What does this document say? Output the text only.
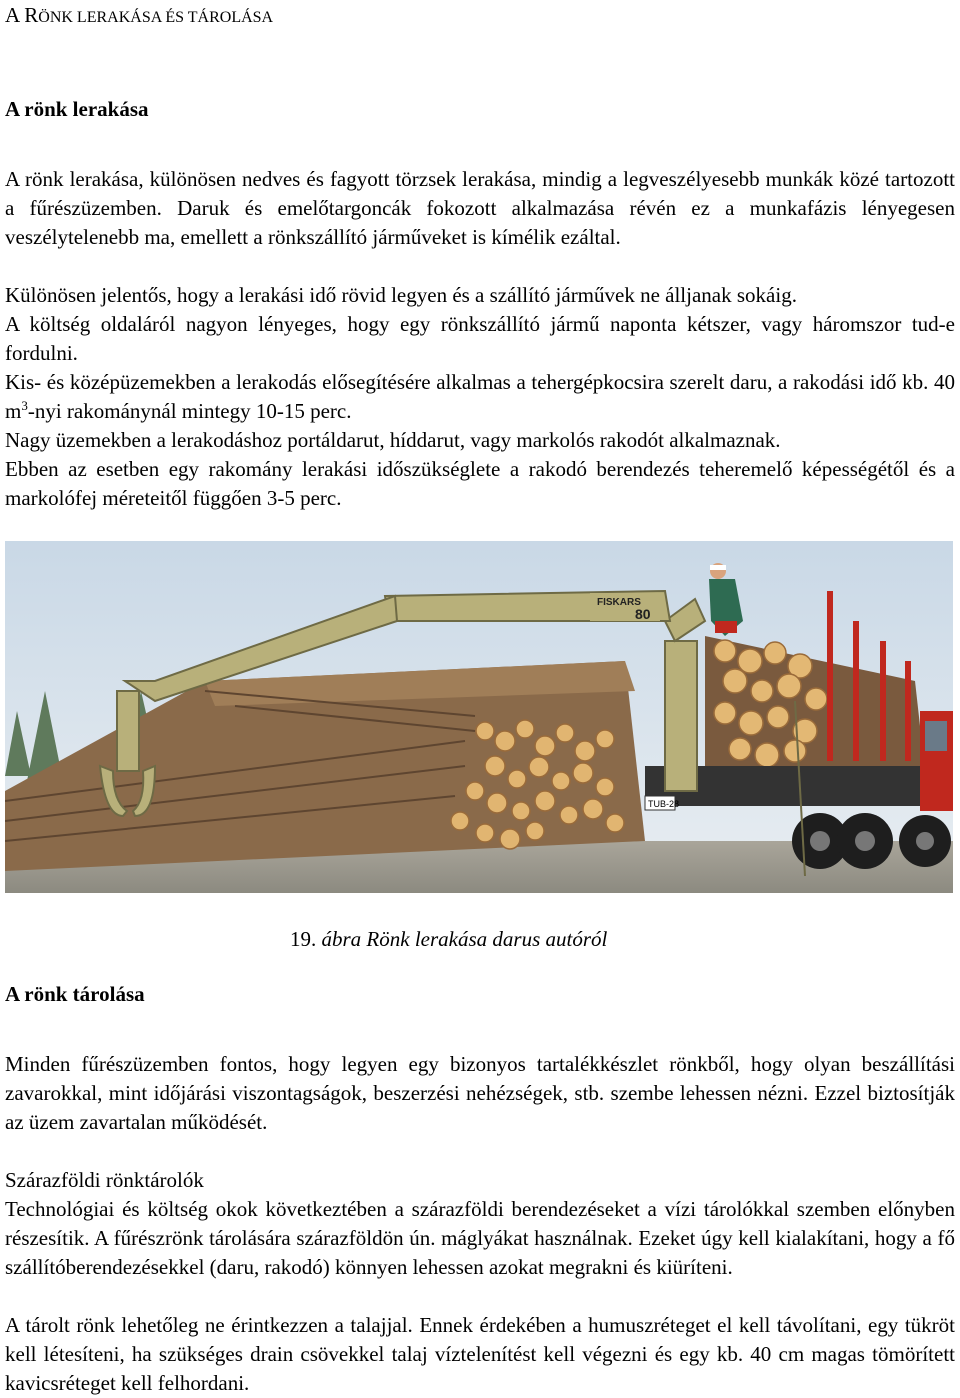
A RÖNK LERAKÁSA ÉS TÁROLÁSA
A rönk lerakása

A rönk lerakása, különösen nedves és fagyott törzsek lerakása, mindig a legveszélyesebb munkák közé tartozott a fűrészüzemben. Daruk és emelőtargoncák fokozott alkalmazása révén ez a munkafázis lényegesen veszélytelenebb ma, emellett a rönkszállító járműveket is kímélik ezáltal.

Különösen jelentős, hogy a lerakási idő rövid legyen és a szállító járművek ne álljanak sokáig.

A költség oldaláról nagyon lényeges, hogy egy rönkszállító jármű naponta kétszer, vagy háromszor tud-e fordulni.

Kis- és középüzemekben a lerakodás elősegítésére alkalmas a tehergépkocsira szerelt daru, a rakodási idő kb. 40 $m^3$-nyi rakománynál mintegy 10-15 perc.

Nagy üzemekben a lerakodáshoz portáldarut, híddarut, vagy markolós rakodót alkalmaznak.

Ebben az esetben egy rakomány lerakási időszükséglete a rakodó berendezés teheremelő képességétől és a markolófej méreteitől függően 3-5 perc.

TUB-28
FISKARS
80
19. ábra Rönk lerakása darus autóról
A rönk tárolása

Minden fűrészüzemben fontos, hogy legyen egy bizonyos tartalékkészlet rönkből, hogy olyan beszállítási zavarokkal, mint időjárási viszontagságok, beszerzési nehézségek, stb. szembe lehessen nézni. Ezzel biztosítják az üzem zavartalan működését.

Szárazföldi rönktárolók

Technológiai és költség okok következtében a szárazföldi berendezéseket a vízi tárolókkal szemben előnyben részesítik. A fűrészrönk tárolására szárazföldön ún. máglyákat használnak. Ezeket úgy kell kialakítani, hogy a fő szállítóberendezésekkel (daru, rakodó) könnyen lehessen azokat megrakni és kiüríteni.

A tárolt rönk lehetőleg ne érintkezzen a talajjal. Ennek érdekében a humuszréteget el kell távolítani, egy tükröt kell létesíteni, ha szükséges drain csövekkel talaj víztelenítést kell végezni és egy kb. 40 cm magas tömörített kavicsréteget kell felhordani.
